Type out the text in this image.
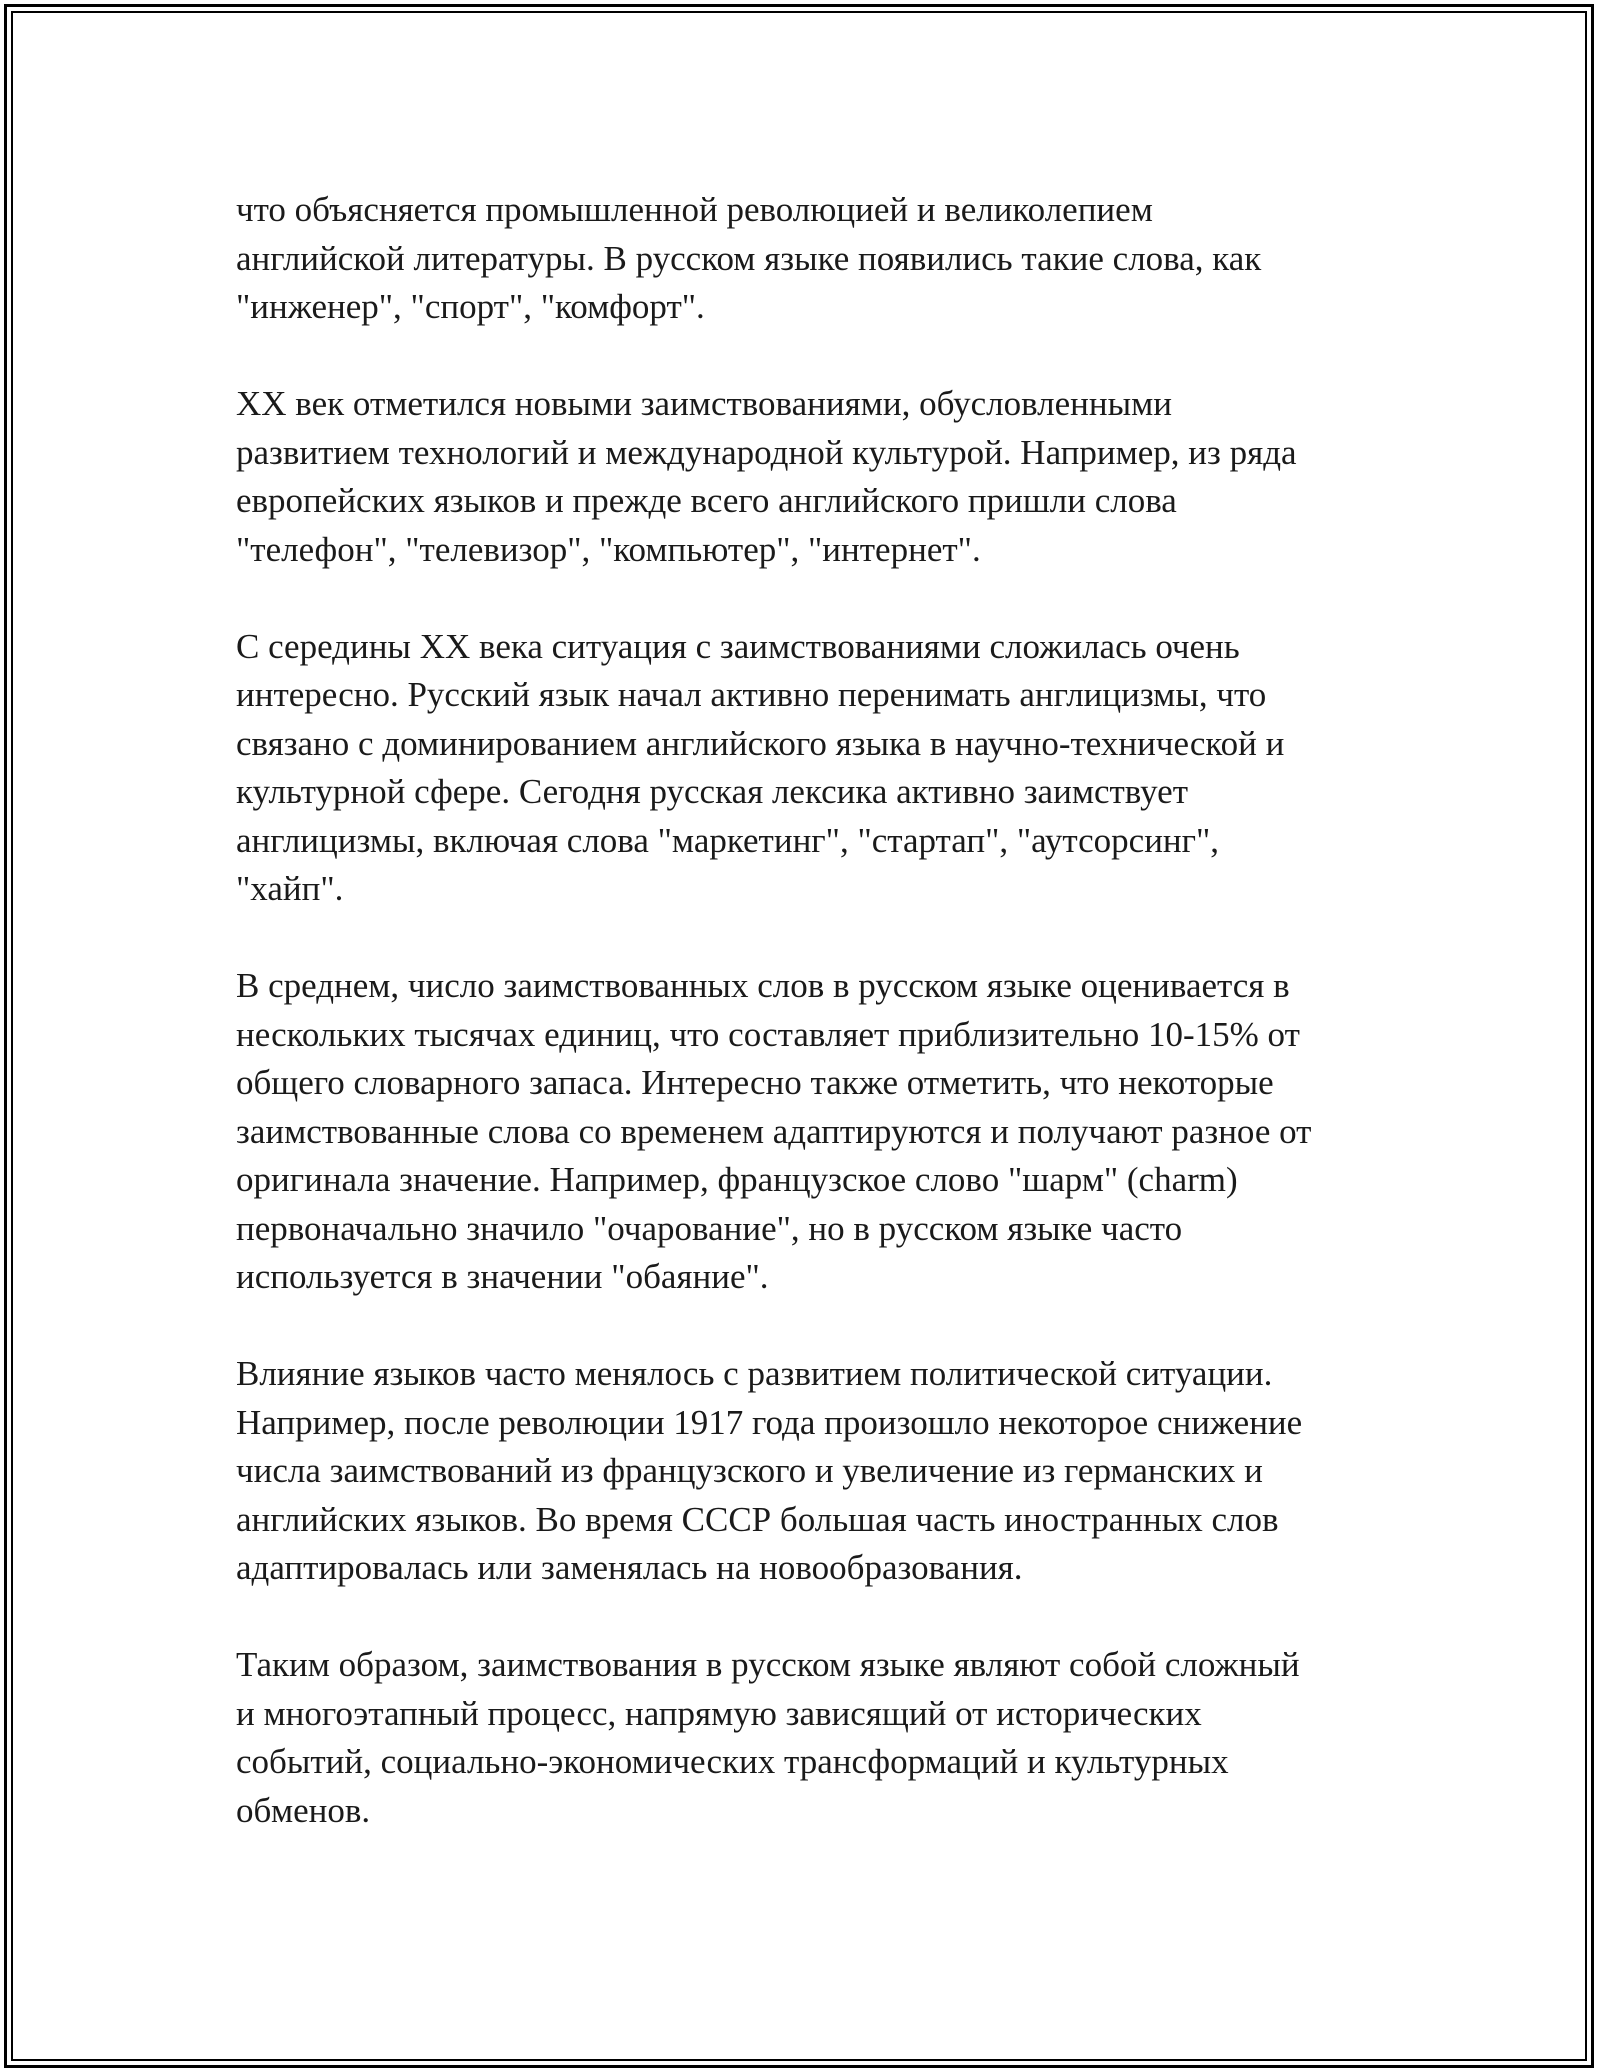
что объясняется промышленной революцией и великолепием
английской литературы. В русском языке появились такие слова, как
"инженер", "спорт", "комфорт".

XX век отметился новыми заимствованиями, обусловленными
развитием технологий и международной культурой. Например, из ряда
европейских языков и прежде всего английского пришли слова
"телефон", "телевизор", "компьютер", "интернет".

С середины XX века ситуация с заимствованиями сложилась очень
интересно. Русский язык начал активно перенимать англицизмы, что
связано с доминированием английского языка в научно-технической и
культурной сфере. Сегодня русская лексика активно заимствует
англицизмы, включая слова "маркетинг", "стартап", "аутсорсинг",
"хайп".

В среднем, число заимствованных слов в русском языке оценивается в
нескольких тысячах единиц, что составляет приблизительно 10-15% от
общего словарного запаса. Интересно также отметить, что некоторые
заимствованные слова со временем адаптируются и получают разное от
оригинала значение. Например, французское слово "шарм" (charm)
первоначально значило "очарование", но в русском языке часто
используется в значении "обаяние".

Влияние языков часто менялось с развитием политической ситуации.
Например, после революции 1917 года произошло некоторое снижение
числа заимствований из французского и увеличение из германских и
английских языков. Во время СССР большая часть иностранных слов
адаптировалась или заменялась на новообразования.

Таким образом, заимствования в русском языке являют собой сложный
и многоэтапный процесс, напрямую зависящий от исторических
событий, социально-экономических трансформаций и культурных
обменов.
